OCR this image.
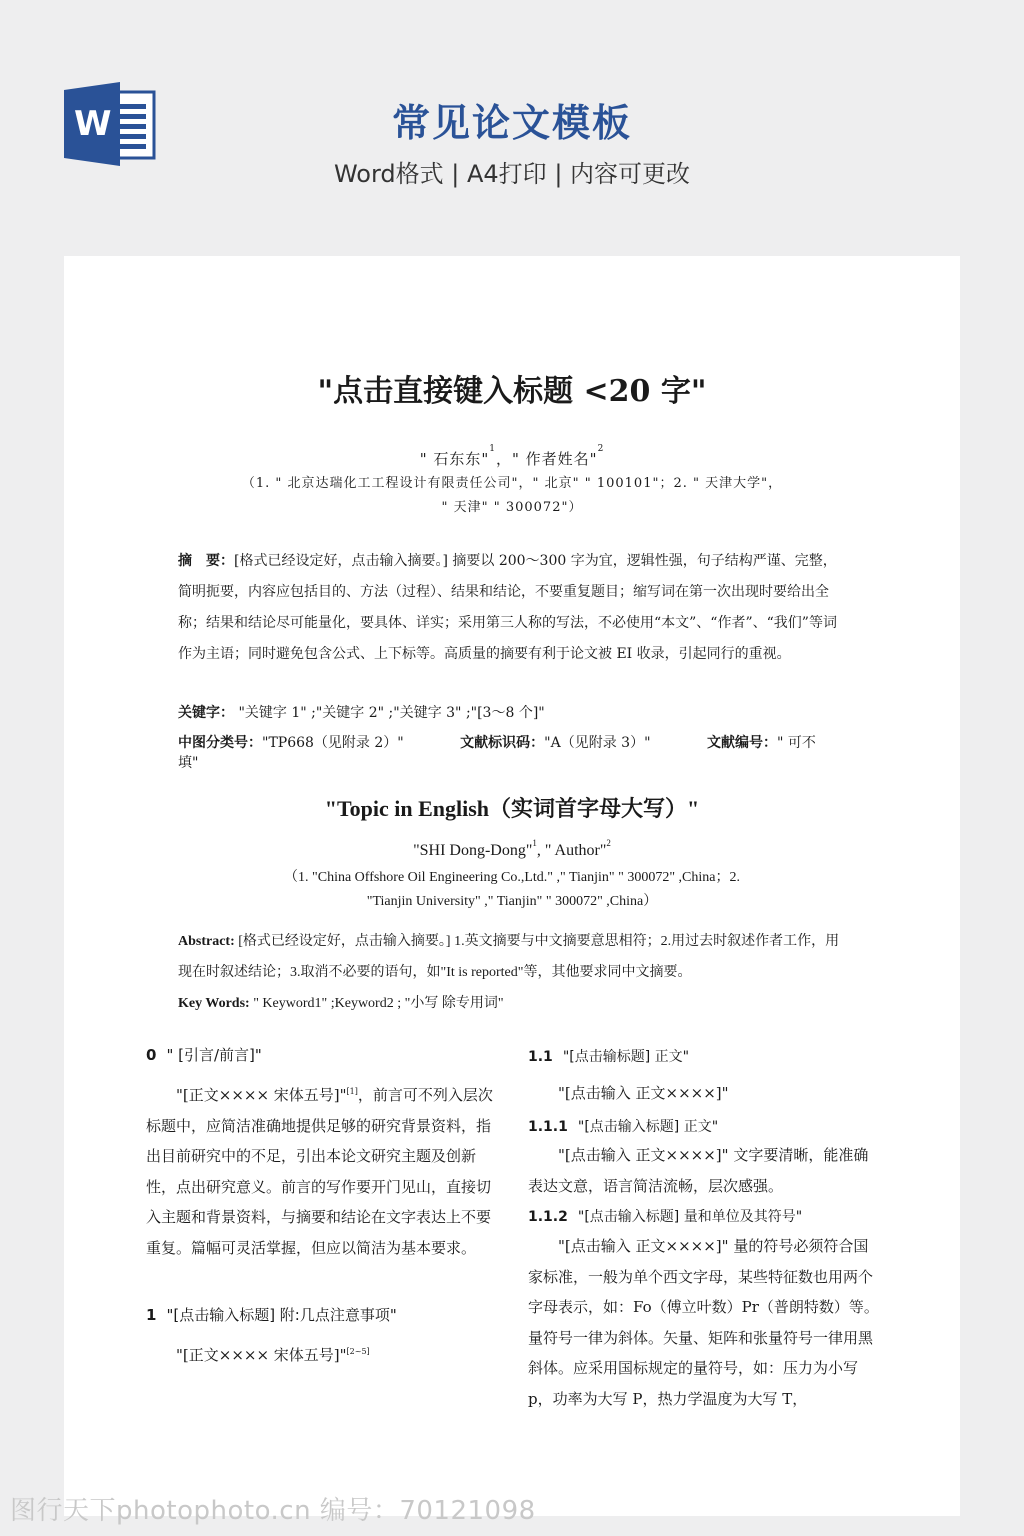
W	常见论文模板
Word格式 | A4打印 | 内容可更改
"点击直接键入标题 <20 字"
" 石东东"$^1$，" 作者姓名"$^2$
（1. " 北京达瑞化工工程设计有限责任公司"，" 北京" " 100101"；2. " 天津大学"，
" 天津" " 300072"）
摘　要：[格式已经设定好，点击输入摘要。] 摘要以 200～300 字为宜，逻辑性强，句子结构严谨、完整，简明扼要，内容应包括目的、方法（过程）、结果和结论，不要重复题目；缩写词在第一次出现时要给出全称；结果和结论尽可能量化，要具体、详实；采用第三人称的写法，不必使用“本文”、“作者”、“我们”等词作为主语；同时避免包含公式、上下标等。高质量的摘要有利于论文被 EI 收录，引起同行的重视。
关键字： "关键字 1" ;"关键字 2" ;"关键字 3" ;"[3～8 个]"
中图分类号："TP668（见附录 2）"	文献标识码："A（见附录 3）"	文献编号：" 可不填"
"Topic in English（实词首字母大写）"
"SHI Dong-Dong"$^1$, " Author"$^2$
（1. "China Offshore Oil Engineering Co.,Ltd." ," Tianjin" " 300072" ,China；2.
"Tianjin University" ," Tianjin" " 300072" ,China）
Abstract: [格式已经设定好，点击输入摘要。] 1.英文摘要与中文摘要意思相符；2.用过去时叙述作者工作，用现在时叙述结论；3.取消不必要的语句，如"It is reported"等，其他要求同中文摘要。
Key Words: " Keyword1" ;Keyword2 ; "小写 除专用词"
0 " [引言/前言]"
"[正文×××× 宋体五号]"[1]，前言可不列入层次标题中，应简洁准确地提供足够的研究背景资料，指出目前研究中的不足，引出本论文研究主题及创新性，点出研究意义。前言的写作要开门见山，直接切入主题和背景资料，与摘要和结论在文字表达上不要重复。篇幅可灵活掌握，但应以简洁为基本要求。
1 "[点击输入标题] 附:几点注意事项"
"[正文×××× 宋体五号]"[2~5]
1.1 "[点击输标题] 正文"
"[点击输入 正文××××]"
1.1.1 "[点击输入标题] 正文"
"[点击输入 正文××××]" 文字要清晰，能准确表达文意，语言简洁流畅，层次感强。
1.1.2 "[点击输入标题] 量和单位及其符号"
"[点击输入 正文××××]" 量的符号必须符合国家标准，一般为单个西文字母，某些特征数也用两个字母表示，如：Fo（傅立叶数）Pr（普朗特数）等。量符号一律为斜体。矢量、矩阵和张量符号一律用黑斜体。应采用国标规定的量符号，如：压力为小写 p，功率为大写 P，热力学温度为大写 T，
图行天下photophoto.cn 编号：70121098
